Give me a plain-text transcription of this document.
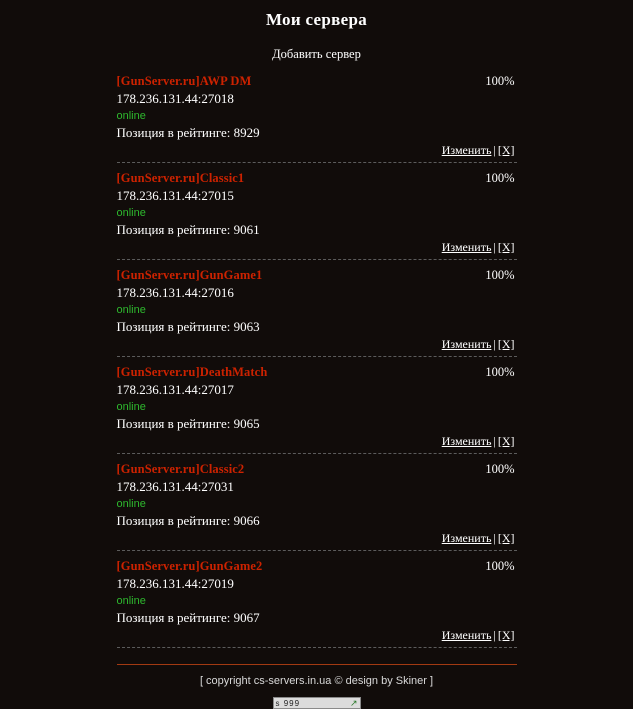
Мои сервера
Добавить сервер
[GunServer.ru]AWP DM	100%
178.236.131.44:27018
online
Позиция в рейтинге: 8929
Изменить | [X]
[GunServer.ru]Classic1	100%
178.236.131.44:27015
online
Позиция в рейтинге: 9061
Изменить | [X]
[GunServer.ru]GunGame1	100%
178.236.131.44:27016
online
Позиция в рейтинге: 9063
Изменить | [X]
[GunServer.ru]DeathMatch	100%
178.236.131.44:27017
online
Позиция в рейтинге: 9065
Изменить | [X]
[GunServer.ru]Classic2	100%
178.236.131.44:27031
online
Позиция в рейтинге: 9066
Изменить | [X]
[GunServer.ru]GunGame2	100%
178.236.131.44:27019
online
Позиция в рейтинге: 9067
Изменить | [X]
[ copyright cs-servers.in.ua © design by Skiner ]
s 999	↗
